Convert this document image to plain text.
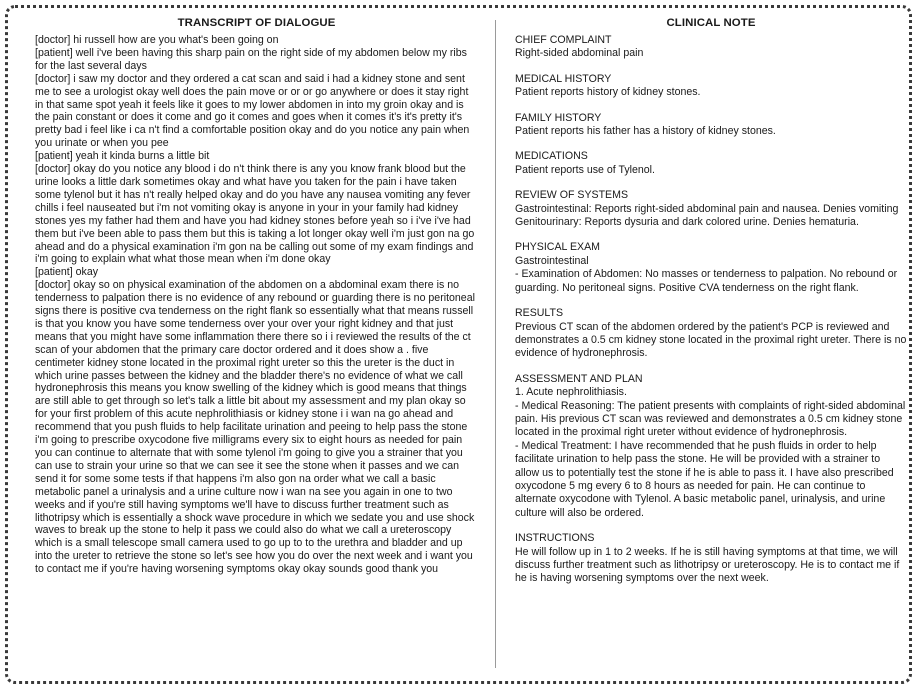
TRANSCRIPT OF DIALOGUE

[doctor] hi russell how are you what's been going on

[patient] well i've been having this sharp pain on the right side of my abdomen below my ribs for the last several days

[doctor] i saw my doctor and they ordered a cat scan and said i had a kidney stone and sent me to see a urologist okay well does the pain move or or or go anywhere or does it stay right in that same spot yeah it feels like it goes to my lower abdomen in into my groin okay and is the pain constant or does it come and go it comes and goes when it comes it's it's pretty it's pretty bad i feel like i ca n't find a comfortable position okay and do you notice any pain when you urinate or when you pee

[patient] yeah it kinda burns a little bit

[doctor] okay do you notice any blood i do n't think there is any you know frank blood but the urine looks a little dark sometimes okay and what have you taken for the pain i have taken some tylenol but it has n't really helped okay and do you have any nausea vomiting any fever chills i feel nauseated but i'm not vomiting okay is anyone in your in your family had kidney stones yes my father had them and have you had kidney stones before yeah so i i've i've had them but i've been able to pass them but this is taking a lot longer okay well i'm just gon na go ahead and do a physical examination i'm gon na be calling out some of my exam findings and i'm going to explain what what those mean when i'm done okay

[patient] okay

[doctor] okay so on physical examination of the abdomen on a abdominal exam there is no tenderness to palpation there is no evidence of any rebound or guarding there is no peritoneal signs there is positive cva tenderness on the right flank so essentially what that means russell is that you know you have some tenderness over your over your right kidney and that just means that you might have some inflammation there there so i i reviewed the results of the ct scan of your abdomen that the primary care doctor ordered and it does show a . five centimeter kidney stone located in the proximal right ureter so this the ureter is the duct in which urine passes between the kidney and the bladder there's no evidence of what we call hydronephrosis this means you know swelling of the kidney which is good means that things are still able to get through so let's talk a little bit about my assessment and my plan okay so for your first problem of this acute nephrolithiasis or kidney stone i i wan na go ahead and recommend that you push fluids to help facilitate urination and peeing to help pass the stone i'm going to prescribe oxycodone five milligrams every six to eight hours as needed for pain you can continue to alternate that with some tylenol i'm going to give you a strainer that you can use to strain your urine so that we can see it see the stone when it passes and we can send it for some some tests if that happens i'm also gon na order what we call a basic metabolic panel a urinalysis and a urine culture now i wan na see you again in one to two weeks and if you're still having symptoms we'll have to discuss further treatment such as lithotripsy which is essentially a shock wave procedure in which we sedate you and use shock waves to break up the stone to help it pass we could also do what we call a ureteroscopy which is a small telescope small camera used to go up to to the urethra and bladder and up into the ureter to retrieve the stone so let's see how you do over the next week and i want you to contact me if you're having worsening symptoms okay okay sounds good thank you

CLINICAL NOTE

CHIEF COMPLAINT

Right-sided abdominal pain

MEDICAL HISTORY

Patient reports history of kidney stones.

FAMILY HISTORY

Patient reports his father has a history of kidney stones.

MEDICATIONS

Patient reports use of Tylenol.

REVIEW OF SYSTEMS

Gastrointestinal: Reports right-sided abdominal pain and nausea. Denies vomiting

Genitourinary: Reports dysuria and dark colored urine. Denies hematuria.

PHYSICAL EXAM

Gastrointestinal

- Examination of Abdomen: No masses or tenderness to palpation. No rebound or guarding. No peritoneal signs. Positive CVA tenderness on the right flank.

RESULTS

Previous CT scan of the abdomen ordered by the patient's PCP is reviewed and demonstrates a 0.5 cm kidney stone located in the proximal right ureter. There is no evidence of hydronephrosis.

ASSESSMENT AND PLAN

1. Acute nephrolithiasis.

- Medical Reasoning: The patient presents with complaints of right-sided abdominal pain. His previous CT scan was reviewed and demonstrates a 0.5 cm kidney stone located in the proximal right ureter without evidence of hydronephrosis.

- Medical Treatment: I have recommended that he push fluids in order to help facilitate urination to help pass the stone. He will be provided with a strainer to allow us to potentially test the stone if he is able to pass it. I have also prescribed oxycodone 5 mg every 6 to 8 hours as needed for pain. He can continue to alternate oxycodone with Tylenol. A basic metabolic panel, urinalysis, and urine culture will also be ordered.

INSTRUCTIONS

He will follow up in 1 to 2 weeks. If he is still having symptoms at that time, we will discuss further treatment such as lithotripsy or ureteroscopy. He is to contact me if he is having worsening symptoms over the next week.
